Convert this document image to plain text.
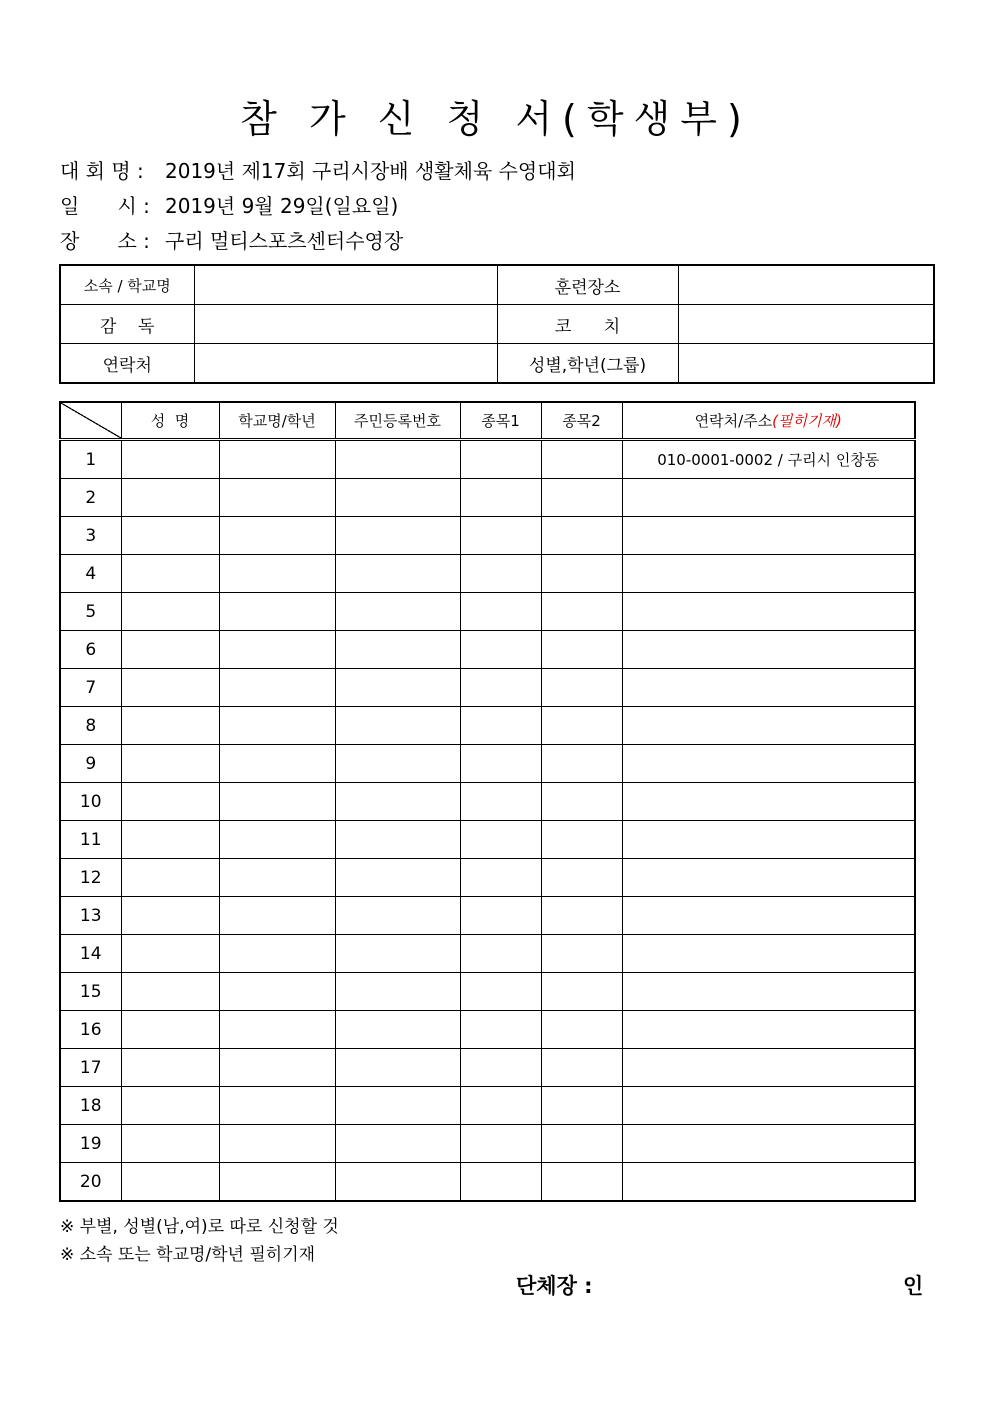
참 가 신 청 서(학생부)
대 회 명 : 2019년 제17회 구리시장배 생활체육 수영대회
일      시 : 2019년 9월 29일(일요일)
장      소 : 구리 멀티스포츠센터수영장
소속 / 학교명		훈련장소	
감    독		코      치	
연락처		성별,학년(그룹)	
	성  명	학교명/학년	주민등록번호	종목1	종목2	연락처/주소(필히기재)
1						010-0001-0002 / 구리시 인창동
2						
3						
4						
5						
6						
7						
8						
9						
10						
11						
12						
13						
14						
15						
16						
17						
18						
19						
20						
※ 부별, 성별(남,여)로 따로 신청할 것
※ 소속 또는 학교명/학년 필히기재
단체장 :	인
